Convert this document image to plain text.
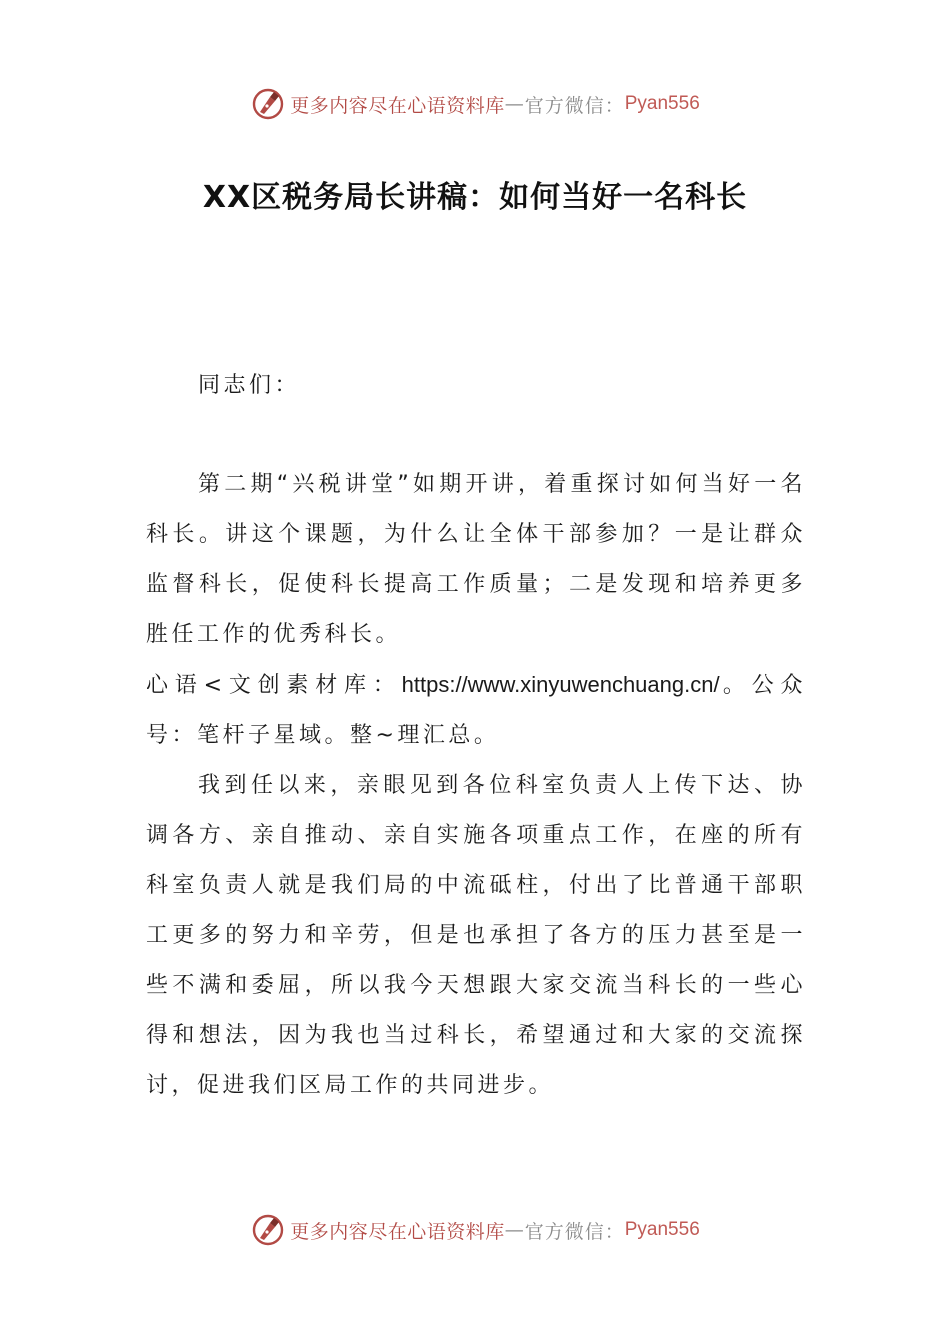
更多内容尽在心语资料库 — 官方微信： Pyan556
XX区税务局长讲稿：如何当好一名科长

同志们：

第二期“兴税讲堂”如期开讲，着重探讨如何当好一名科长。讲这个课题，为什么让全体干部参加？一是让群众监督科长，促使科长提高工作质量；二是发现和培养更多胜任工作的优秀科长。

心语<文创素材库：https://www.xinyuwenchuang.cn/。公众号：笔杆子星域。整~理汇总。

我到任以来，亲眼见到各位科室负责人上传下达、协调各方、亲自推动、亲自实施各项重点工作，在座的所有科室负责人就是我们局的中流砥柱，付出了比普通干部职工更多的努力和辛劳，但是也承担了各方的压力甚至是一些不满和委屈，所以我今天想跟大家交流当科长的一些心得和想法，因为我也当过科长，希望通过和大家的交流探讨，促进我们区局工作的共同进步。

更多内容尽在心语资料库 — 官方微信： Pyan556
